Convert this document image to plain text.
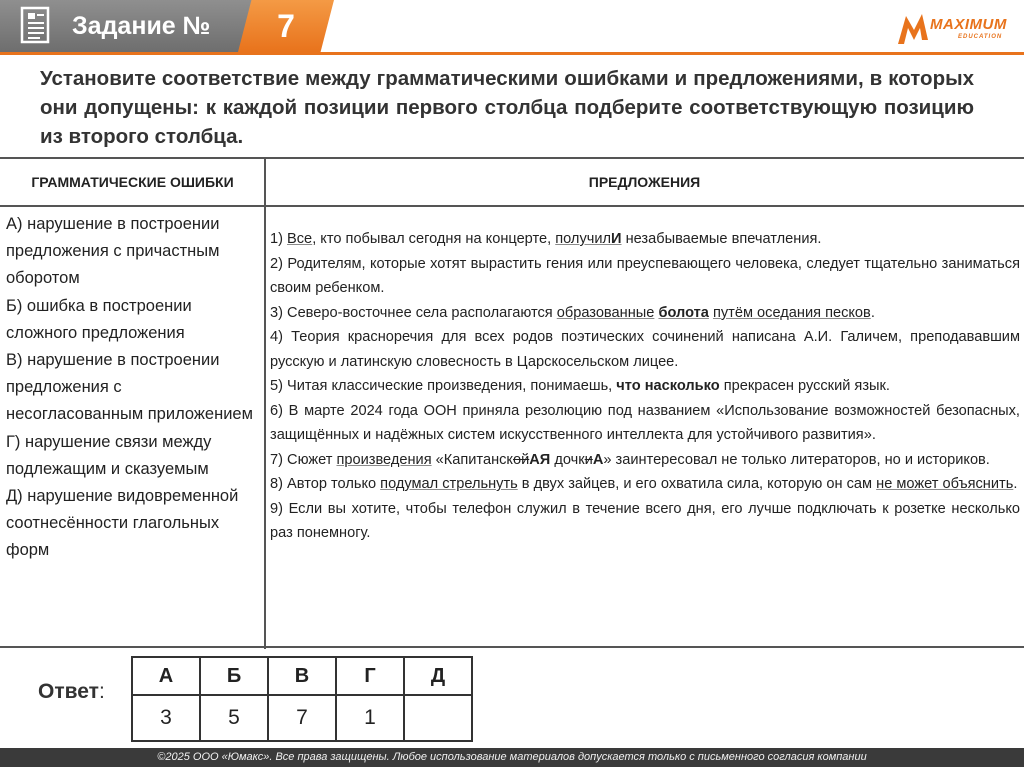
Задание №	7	MAXIMUM
EDUCATION
Установите соответствие между грамматическими ошибками и предложениями, в которых они допущены: к каждой позиции первого столбца подберите соответствующую позицию из второго столбца.
ГРАММАТИЧЕСКИЕ ОШИБКИ	ПРЕДЛОЖЕНИЯ
А) нарушение в построении предложения с причастным оборотом
Б) ошибка в построении сложного предложения
В) нарушение в построении предложения с несогласованным приложением
Г) нарушение связи между подлежащим и сказуемым
Д) нарушение видовременной соотнесённости глагольных форм

1) Все, кто побывал сегодня на концерте, получилИ незабываемые впечатления.

2) Родителям, которые хотят вырастить гения или преуспевающего человека, следует тщательно заниматься своим ребенком.

3) Северо-восточнее села располагаются образованные болота путём оседания песков.

4) Теория красноречия для всех родов поэтических сочинений написана А.И. Галичем, преподававшим русскую и латинскую словесность в Царскосельском лицее.

5) Читая классические произведения, понимаешь, что насколько прекрасен русский язык.

6) В марте 2024 года ООН приняла резолюцию под названием «Использование возможностей безопасных, защищённых и надёжных систем искусственного интеллекта для устойчивого развития».

7) Сюжет произведения «КапитанскойАЯ дочкиА» заинтересовал не только литераторов, но и историков.

8) Автор только подумал стрельнуть в двух зайцев, и его охватила сила, которую он сам не может объяснить.

9) Если вы хотите, чтобы телефон служил в течение всего дня, его лучше подключать к розетке несколько раз понемногу.

Ответ:
А	Б	В	Г	Д
3	5	7	1	
©2025 ООО «Юмакс». Все права защищены. Любое использование материалов допускается только с письменного согласия компании
